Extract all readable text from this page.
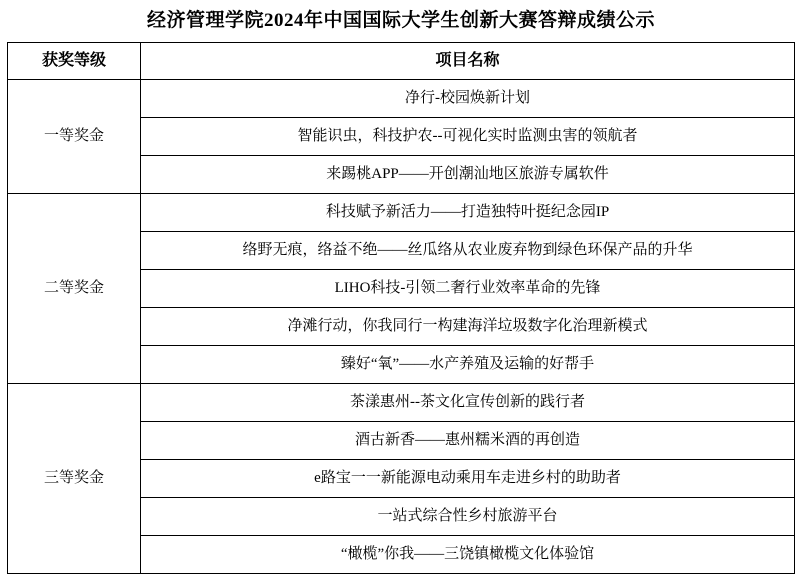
经济管理学院2024年中国国际大学生创新大赛答辩成绩公示
获奖等级	项目名称
一等奖金	净行-校园焕新计划
	智能识虫，科技护农--可视化实时监测虫害的领航者
	来踢桃APP——开创潮汕地区旅游专属软件
二等奖金	科技赋予新活力——打造独特叶挺纪念园IP
	络野无痕，络益不绝——丝瓜络从农业废弃物到绿色环保产品的升华
	LIHO科技-引领二奢行业效率革命的先锋
	净滩行动，你我同行一构建海洋垃圾数字化治理新模式
	臻好“氧”——水产养殖及运输的好帮手
三等奖金	茶漾惠州--茶文化宣传创新的践行者
	酒古新香——惠州糯米酒的再创造
	e路宝一一新能源电动乘用车走进乡村的助助者
	一站式综合性乡村旅游平台
	“橄榄”你我——三饶镇橄榄文化体验馆
